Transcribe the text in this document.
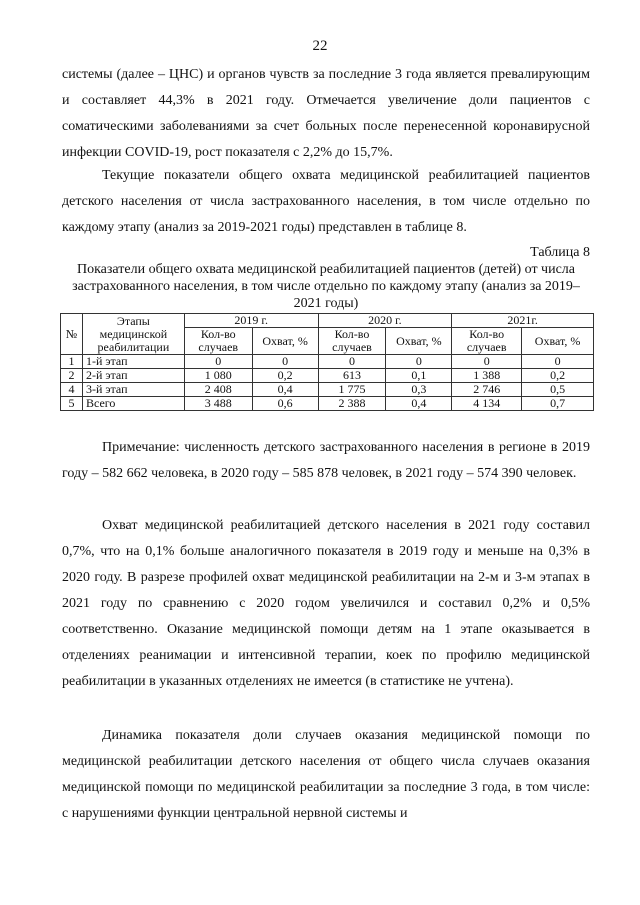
22
системы (далее – ЦНС) и органов чувств за последние 3 года является превалирующим и составляет 44,3% в 2021 году. Отмечается увеличение доли пациентов с соматическими заболеваниями за счет больных после перенесенной коронавирусной инфекции COVID-19, рост показателя с 2,2% до 15,7%.
Текущие показатели общего охвата медицинской реабилитацией пациентов детского населения от числа застрахованного населения, в том числе отдельно по каждому этапу (анализ за 2019-2021 годы) представлен в таблице 8.
Таблица 8
Показатели общего охвата медицинской реабилитацией пациентов (детей) от числа застрахованного населения, в том числе отдельно по каждому этапу (анализ за 2019–2021 годы)
№	Этапы медицинской реабилитации	2019 г.		2020 г.		2021г.	
		Кол-во случаев	Охват, %	Кол-во случаев	Охват, %	Кол-во случаев	Охват, %
1	1-й этап	0	0	0	0	0	0
2	2-й этап	1 080	0,2	613	0,1	1 388	0,2
4	3-й этап	2 408	0,4	1 775	0,3	2 746	0,5
5	Всего	3 488	0,6	2 388	0,4	4 134	0,7
Примечание: численность детского застрахованного населения в регионе в 2019 году – 582 662 человека, в 2020 году – 585 878 человек, в 2021 году – 574 390 человек.
Охват медицинской реабилитацией детского населения в 2021 году составил 0,7%, что на 0,1% больше аналогичного показателя в 2019 году и меньше на 0,3% в 2020 году. В разрезе профилей охват медицинской реабилитации на 2-м и 3-м этапах в 2021 году по сравнению с 2020 годом увеличился и составил 0,2% и 0,5% соответственно. Оказание медицинской помощи детям на 1 этапе оказывается в отделениях реанимации и интенсивной терапии, коек по профилю медицинской реабилитации в указанных отделениях не имеется (в статистике не учтена).
Динамика показателя доли случаев оказания медицинской помощи по медицинской реабилитации детского населения от общего числа случаев оказания медицинской помощи по медицинской реабилитации за последние 3 года, в том числе: с нарушениями функции центральной нервной системы и
